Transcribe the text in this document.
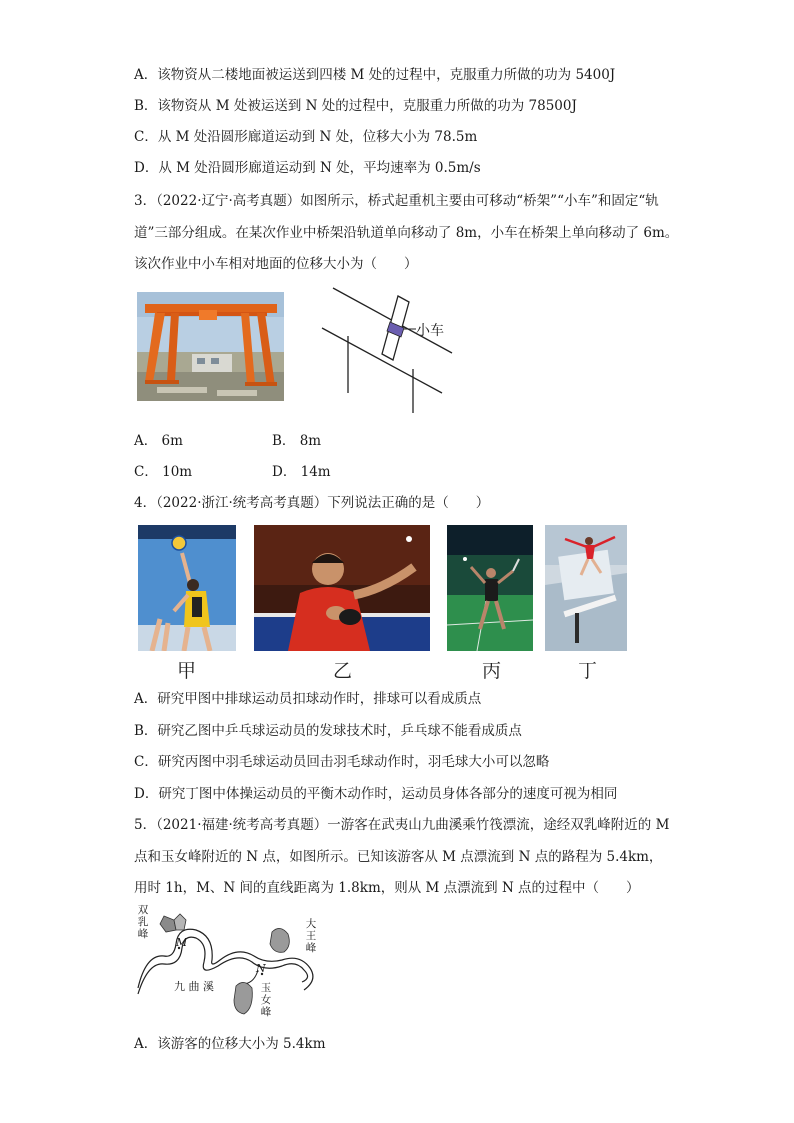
A．该物资从二楼地面被运送到四楼 M 处的过程中，克服重力所做的功为 5400J
B．该物资从 M 处被运送到 N 处的过程中，克服重力所做的功为 78500J
C．从 M 处沿圆形廊道运动到 N 处，位移大小为 78.5m
D．从 M 处沿圆形廊道运动到 N 处，平均速率为 0.5m/s
3．（2022·辽宁·高考真题）如图所示，桥式起重机主要由可移动“桥架”“小车”和固定“轨
道”三部分组成。在某次作业中桥架沿轨道单向移动了 8m，小车在桥架上单向移动了 6m。
该次作业中小车相对地面的位移大小为（　　）
小车
A． 6m	B． 8m
C． 10m	D． 14m
4．（2022·浙江·统考高考真题）下列说法正确的是（　　）
甲	乙	丙	丁
A．研究甲图中排球运动员扣球动作时，排球可以看成质点
B．研究乙图中乒乓球运动员的发球技术时，乒乓球不能看成质点
C．研究丙图中羽毛球运动员回击羽毛球动作时，羽毛球大小可以忽略
D．研究丁图中体操运动员的平衡木动作时，运动员身体各部分的速度可视为相同
5．（2021·福建·统考高考真题）一游客在武夷山九曲溪乘竹筏漂流，途经双乳峰附近的 M
点和玉女峰附近的 N 点，如图所示。已知该游客从 M 点漂流到 N 点的路程为 5.4km，
用时 1h，M、N 间的直线距离为 1.8km，则从 M 点漂流到 N 点的过程中（　　）
双
乳
峰
大
王
峰
玉
女
峰
九 曲 溪
M
N
A．该游客的位移大小为 5.4km
